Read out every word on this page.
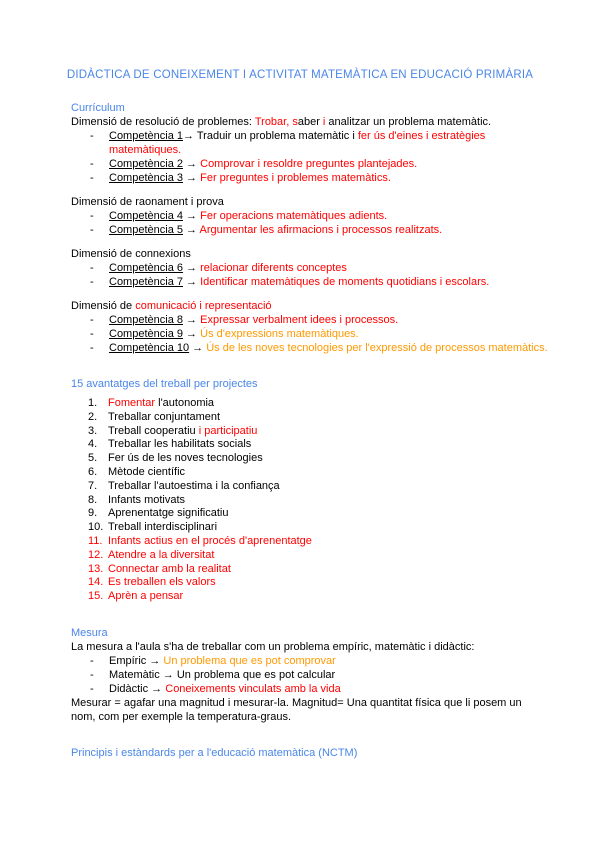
DIDÀCTICA DE CONEIXEMENT I ACTIVITAT MATEMÀTICA EN EDUCACIÓ PRIMÀRIA
Currículum
Dimensió de resolució de problemes: Trobar, saber i analitzar un problema matemàtic.
-	Competència 1→ Traduir un problema matemàtic i fer ús d'eines i estratègies matemàtiques.
-	Competència 2 → Comprovar i resoldre preguntes plantejades.
-	Competència 3 → Fer preguntes i problemes matemàtics.
Dimensió de raonament i prova
-	Competència 4 → Fer operacions matemàtiques adients.
-	Competència 5 → Argumentar les afirmacions i processos realitzats.
Dimensió de connexions
-	Competència 6 → relacionar diferents conceptes
-	Competència 7 → Identificar matemàtiques de moments quotidians i escolars.
Dimensió de comunicació i representació
-	Competència 8 → Expressar verbalment idees i processos.
-	Competència 9 → Ús d'expressions matemàtiques.
-	Competència 10 → Ús de les noves tecnologies per l'expressió de processos matemàtics.
15 avantatges del treball per projectes
1. Fomentar l'autonomia
2. Treballar conjuntament
3. Treball cooperatiu i participatiu
4. Treballar les habilitats socials
5. Fer ús de les noves tecnologies
6. Mètode científic
7. Treballar l'autoestima i la confiança
8. Infants motivats
9. Aprenentatge significatiu
10. Treball interdisciplinari
11. Infants actius en el procés d'aprenentatge
12. Atendre a la diversitat
13. Connectar amb la realitat
14. Es treballen els valors
15. Aprèn a pensar
Mesura
La mesura a l'aula s'ha de treballar com un problema empíric, matemàtic i didàctic:
-	Empíric → Un problema que es pot comprovar
-	Matemàtic → Un problema que es pot calcular
-	Didàctic → Coneixements vinculats amb la vida
Mesurar = agafar una magnitud i mesurar-la. Magnitud= Una quantitat física que li posem un nom, com per exemple la temperatura-graus.
Principis i estàndards per a l'educació matemàtica (NCTM)
